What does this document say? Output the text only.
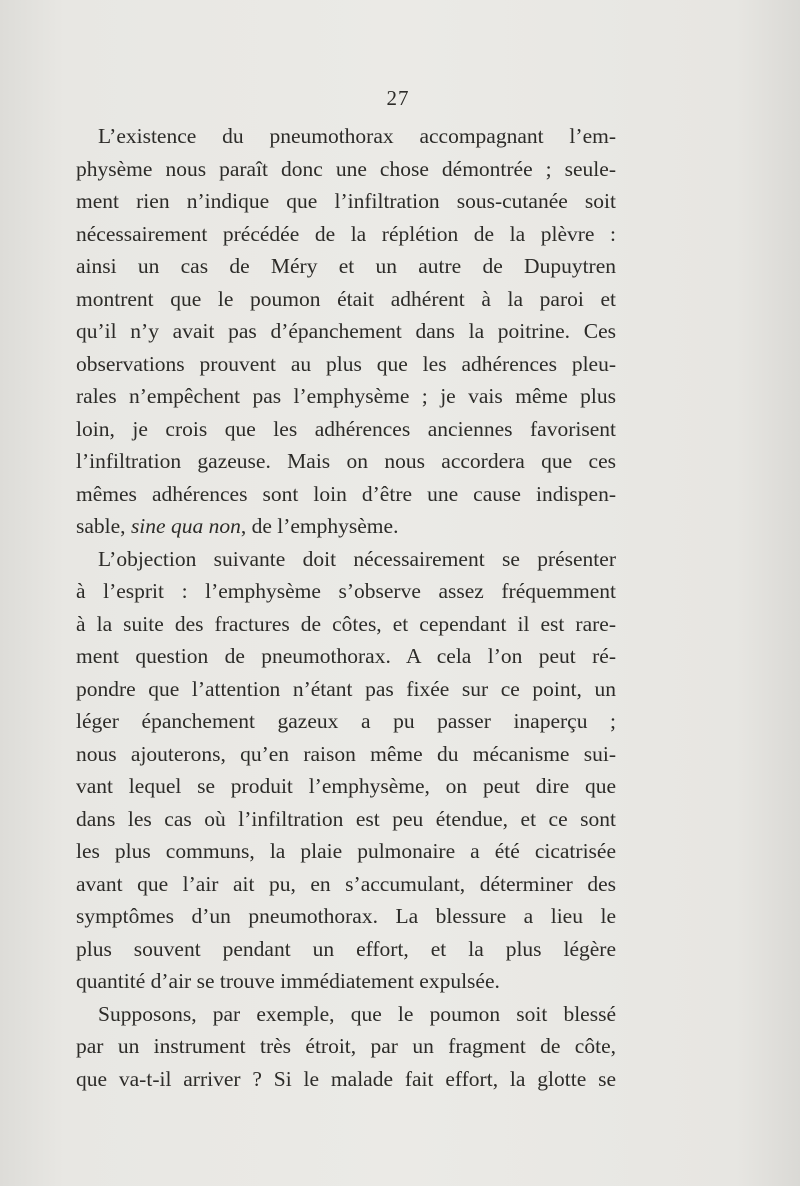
27
L’existence du pneumothorax accompagnant l’em-
physème nous paraît donc une chose démontrée ; seule-
ment rien n’indique que l’infiltration sous-cutanée soit
nécessairement précédée de la réplétion de la plèvre :
ainsi un cas de Méry et un autre de Dupuytren
montrent que le poumon était adhérent à la paroi et
qu’il n’y avait pas d’épanchement dans la poitrine. Ces
observations prouvent au plus que les adhérences pleu-
rales n’empêchent pas l’emphysème ; je vais même plus
loin, je crois que les adhérences anciennes favorisent
l’infiltration gazeuse. Mais on nous accordera que ces
mêmes adhérences sont loin d’être une cause indispen-
sable, sine qua non, de l’emphysème.
L’objection suivante doit nécessairement se présenter
à l’esprit : l’emphysème s’observe assez fréquemment
à la suite des fractures de côtes, et cependant il est rare-
ment question de pneumothorax. A cela l’on peut ré-
pondre que l’attention n’étant pas fixée sur ce point, un
léger épanchement gazeux a pu passer inaperçu ;
nous ajouterons, qu’en raison même du mécanisme sui-
vant lequel se produit l’emphysème, on peut dire que
dans les cas où l’infiltration est peu étendue, et ce sont
les plus communs, la plaie pulmonaire a été cicatrisée
avant que l’air ait pu, en s’accumulant, déterminer des
symptômes d’un pneumothorax. La blessure a lieu le
plus souvent pendant un effort, et la plus légère
quantité d’air se trouve immédiatement expulsée.
Supposons, par exemple, que le poumon soit blessé
par un instrument très étroit, par un fragment de côte,
que va-t-il arriver ? Si le malade fait effort, la glotte se
